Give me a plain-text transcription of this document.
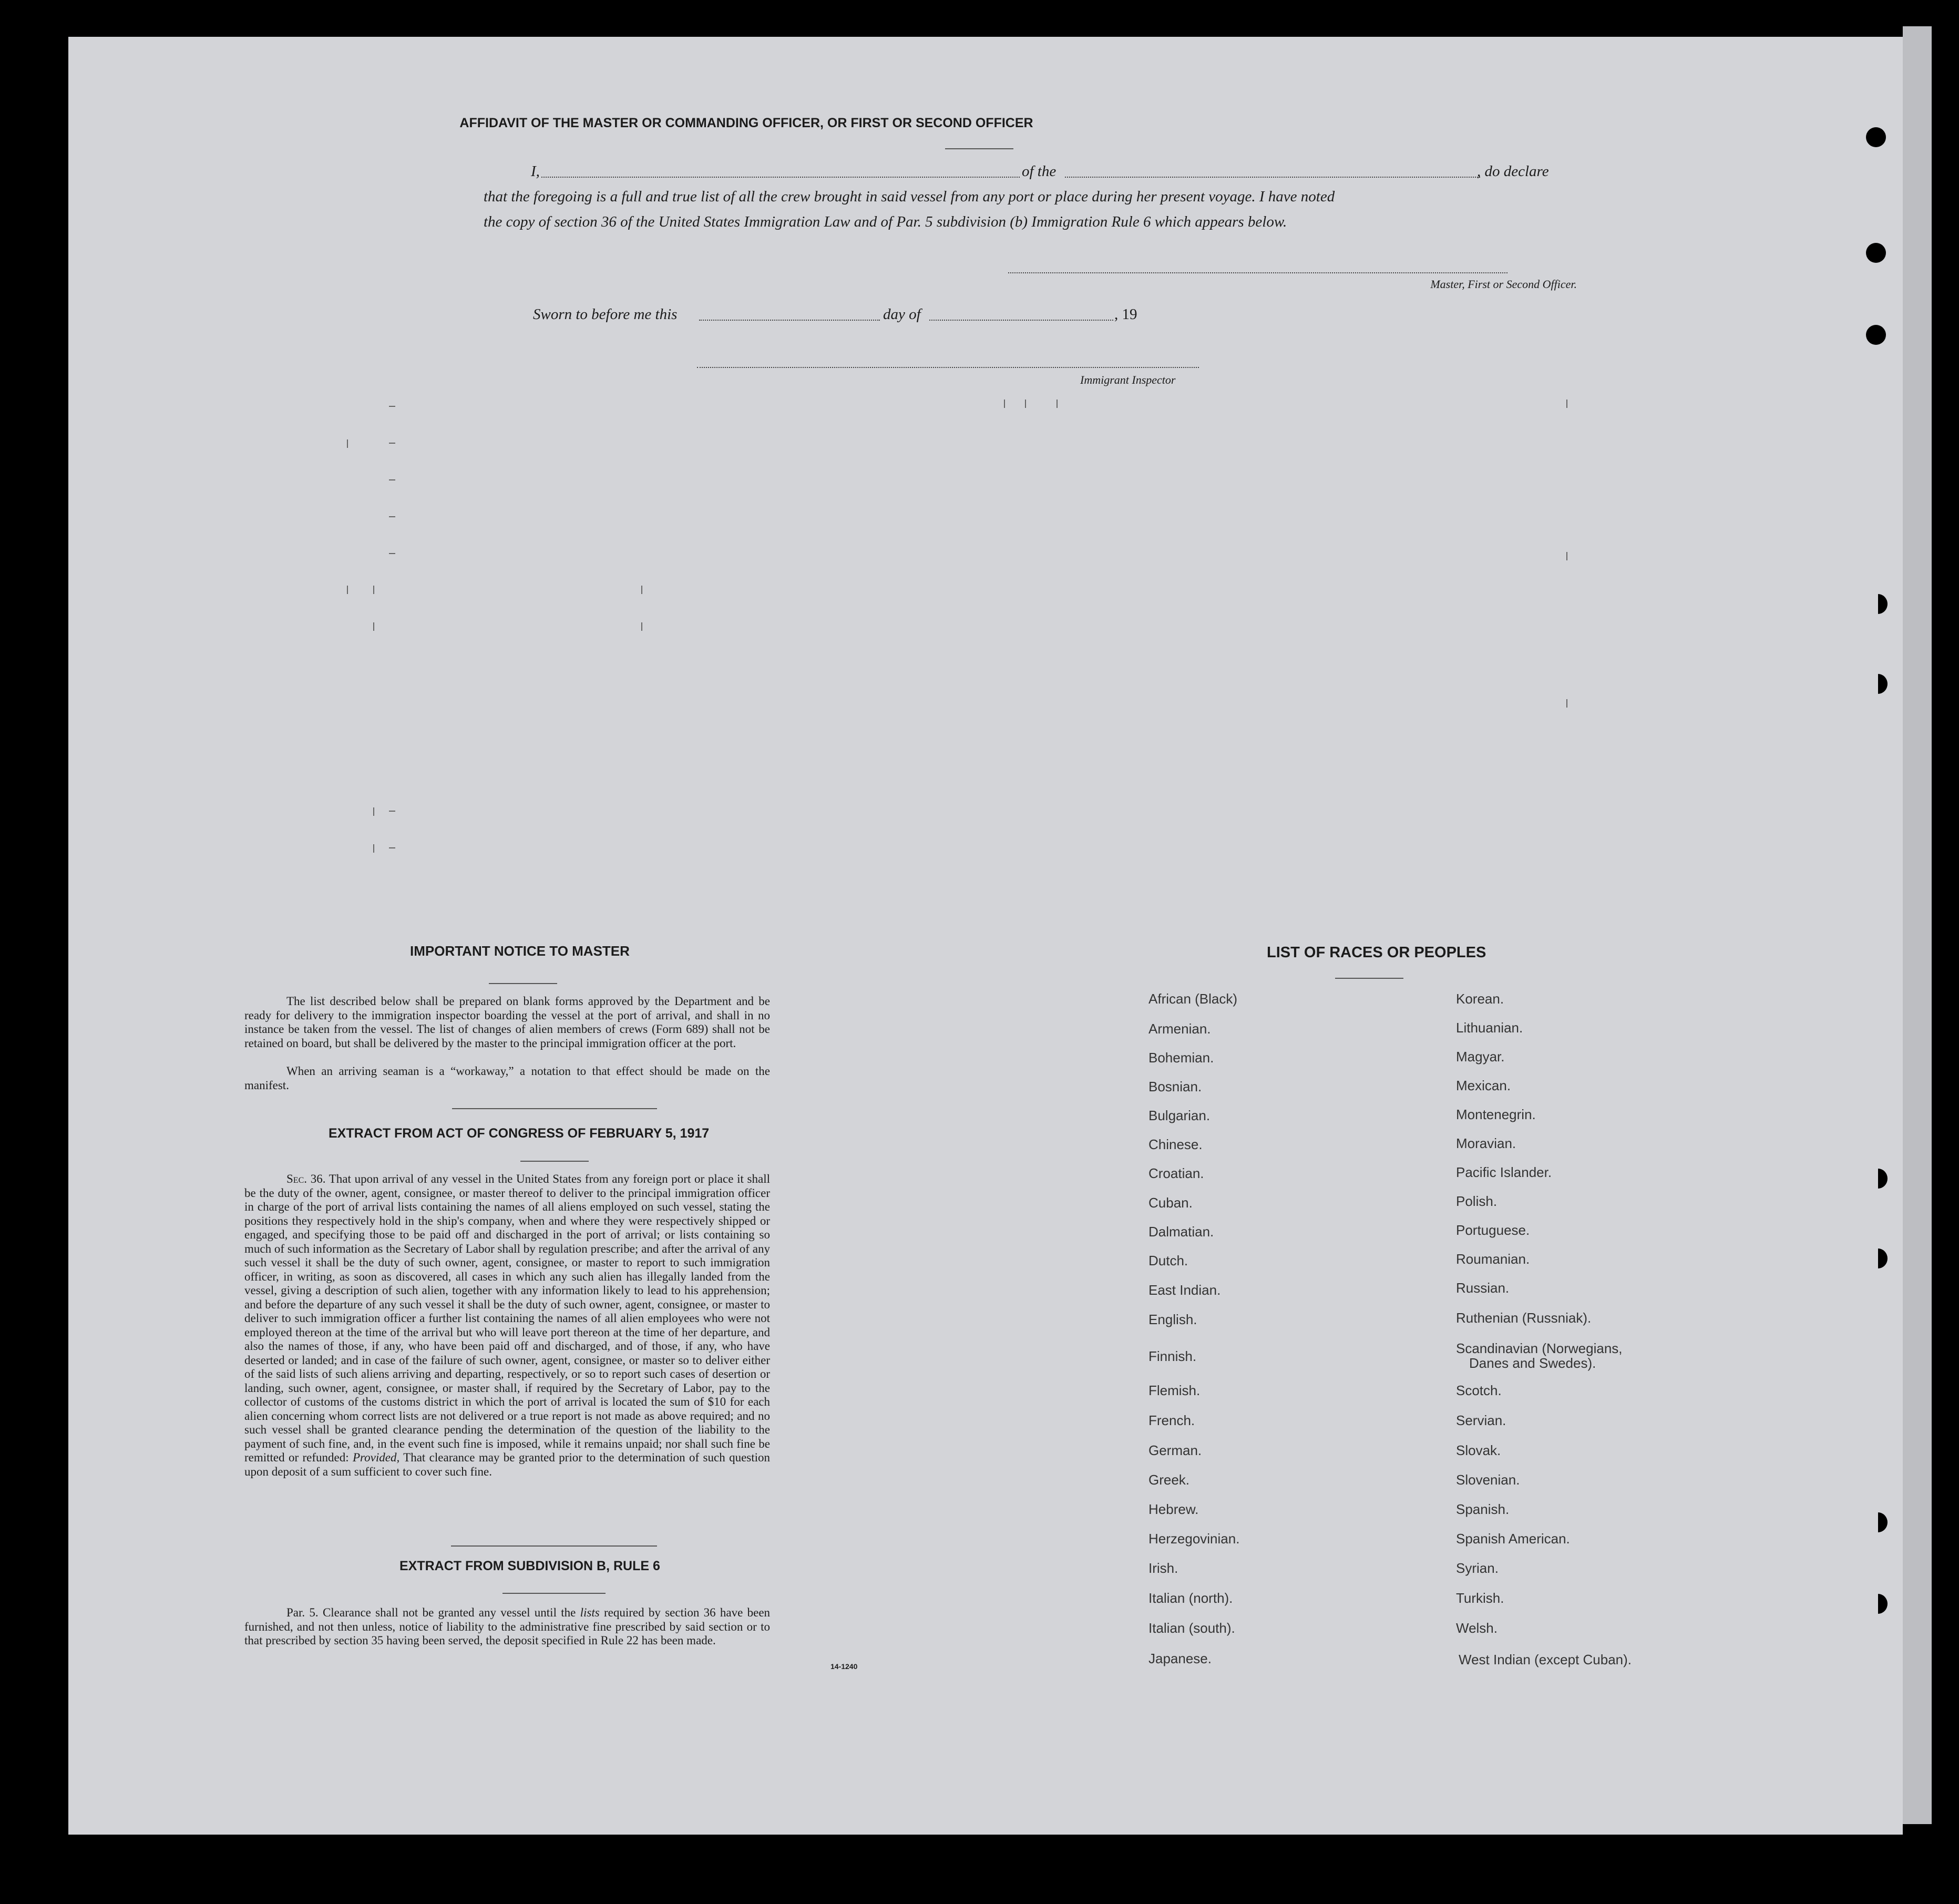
AFFIDAVIT OF THE MASTER OR COMMANDING OFFICER, OR FIRST OR SECOND OFFICER
I,	of the	, do declare
that the foregoing is a full and true list of all the crew brought in said vessel from any port or place during her present voyage. I have noted
the copy of section 36 of the United States Immigration Law and of Par. 5 subdivision (b) Immigration Rule 6 which appears below.
Master, First or Second Officer.
Sworn to before me this	day of	, 19
Immigrant Inspector
IMPORTANT NOTICE TO MASTER
The list described below shall be prepared on blank forms approved by the Department and be ready for delivery to the immigration inspector boarding the vessel at the port of arrival, and shall in no instance be taken from the vessel. The list of changes of alien members of crews (Form 689) shall not be retained on board, but shall be delivered by the master to the principal immigration officer at the port.
When an arriving seaman is a “workaway,” a notation to that effect should be made on the manifest.
EXTRACT FROM ACT OF CONGRESS OF FEBRUARY 5, 1917
Sec. 36. That upon arrival of any vessel in the United States from any foreign port or place it shall be the duty of the owner, agent, consignee, or master thereof to deliver to the principal immigration officer in charge of the port of arrival lists containing the names of all aliens employed on such vessel, stating the positions they respectively hold in the ship's company, when and where they were respectively shipped or engaged, and specifying those to be paid off and discharged in the port of arrival; or lists containing so much of such information as the Secretary of Labor shall by regulation prescribe; and after the arrival of any such vessel it shall be the duty of such owner, agent, consignee, or master to report to such immigration officer, in writing, as soon as discovered, all cases in which any such alien has illegally landed from the vessel, giving a description of such alien, together with any information likely to lead to his apprehension; and before the departure of any such vessel it shall be the duty of such owner, agent, consignee, or master to deliver to such immigration officer a further list containing the names of all alien employees who were not employed thereon at the time of the arrival but who will leave port thereon at the time of her departure, and also the names of those, if any, who have been paid off and discharged, and of those, if any, who have deserted or landed; and in case of the failure of such owner, agent, consignee, or master so to deliver either of the said lists of such aliens arriving and departing, respectively, or so to report such cases of desertion or landing, such owner, agent, consignee, or master shall, if required by the Secretary of Labor, pay to the collector of customs of the customs district in which the port of arrival is located the sum of $10 for each alien concerning whom correct lists are not delivered or a true report is not made as above required; and no such vessel shall be granted clearance pending the determination of the question of the liability to the payment of such fine, and, in the event such fine is imposed, while it remains unpaid; nor shall such fine be remitted or refunded: Provided, That clearance may be granted prior to the determination of such question upon deposit of a sum sufficient to cover such fine.
EXTRACT FROM SUBDIVISION B, RULE 6
Par. 5. Clearance shall not be granted any vessel until the lists required by section 36 have been furnished, and not then unless, notice of liability to the administrative fine prescribed by said section or to that prescribed by section 35 having been served, the deposit specified in Rule 22 has been made.
14-1240
LIST OF RACES OR PEOPLES
African (Black)
Armenian.
Bohemian.
Bosnian.
Bulgarian.
Chinese.
Croatian.
Cuban.
Dalmatian.
Dutch.
East Indian.
English.
Finnish.
Flemish.
French.
German.
Greek.
Hebrew.
Herzegovinian.
Irish.
Italian (north).
Italian (south).
Japanese.
Korean.
Lithuanian.
Magyar.
Mexican.
Montenegrin.
Moravian.
Pacific Islander.
Polish.
Portuguese.
Roumanian.
Russian.
Ruthenian (Russniak).
Scandinavian (Norwegians,
Danes and Swedes).
Scotch.
Servian.
Slovak.
Slovenian.
Spanish.
Spanish American.
Syrian.
Turkish.
Welsh.
West Indian (except Cuban).
